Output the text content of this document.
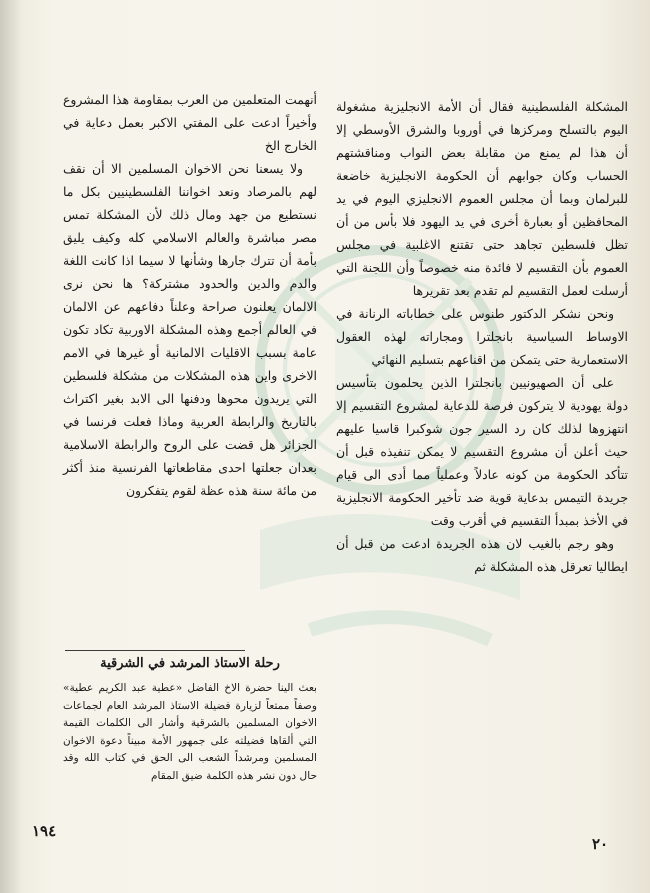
المشكلة الفلسطينية فقال أن الأمة الانجليزية مشغولة اليوم بالتسلح ومركزها في أوروبا والشرق الأوسطي إلا أن هذا لم يمنع من مقابلة بعض النواب ومناقشتهم الحساب وكان جوابهم أن الحكومة الانجليزية خاضعة للبرلمان وبما أن مجلس العموم الانجليزي اليوم في يد المحافظين أو بعبارة أخرى في يد اليهود فلا بأس من أن تظل فلسطين تجاهد حتى تقتنع الاغلبية في مجلس العموم بأن التقسيم لا فائدة منه خصوصاً وأن اللجنة التي أرسلت لعمل التقسيم لم تقدم بعد تقريرها

ونحن نشكر الدكتور طنوس على خطاباته الرنانة في الاوساط السياسية بانجلترا ومجاراته لهذه العقول الاستعمارية حتى يتمكن من اقناعهم بتسليم النهائي

على أن الصهيونيين بانجلترا الذين يحلمون بتأسيس دولة يهودية لا يتركون فرصة للدعاية لمشروع التقسيم إلا انتهزوها لذلك كان رد السير جون شوكبرا قاسيا عليهم حيث أعلن أن مشروع التقسيم لا يمكن تنفيذه قبل أن تتأكد الحكومة من كونه عادلاً وعملياً مما أدى الى قيام جريدة التيمس بدعاية قوية ضد تأخير الحكومة الانجليزية في الأخذ بمبدأ التقسيم في أقرب وقت

وهو رجم بالغيب لان هذه الجريدة ادعت من قبل أن ايطاليا تعرقل هذه المشكلة ثم

أنهمت المتعلمين من العرب بمقاومة هذا المشروع وأخيراً ادعت على المفتي الاكبر بعمل دعاية في الخارج الخ

ولا يسعنا نحن الاخوان المسلمين الا أن نقف لهم بالمرصاد ونعد اخواننا الفلسطينيين بكل ما نستطيع من جهد ومال ذلك لأن المشكلة تمس مصر مباشرة والعالم الاسلامي كله وكيف يليق بأمة أن تترك جارها وشأنها لا سيما اذا كانت اللغة والدم والدين والحدود مشتركة؟ ها نحن نرى الالمان يعلنون صراحة وعلناً دفاعهم عن الالمان في العالم أجمع وهذه المشكلة الاوربية تكاد تكون عامة بسبب الاقليات الالمانية أو غيرها في الامم الاخرى واين هذه المشكلات من مشكلة فلسطين التي يريدون محوها ودفنها الى الابد بغير اكتراث بالتاريخ والرابطة العربية وماذا فعلت فرنسا في الجزائر هل قضت على الروح والرابطة الاسلامية بعدان جعلتها احدى مقاطعاتها الفرنسية منذ أكثر من مائة سنة هذه عظة لقوم يتفكرون

رحلة الاستاذ المرشد في الشرقية

بعث الينا حضرة الاخ الفاضل «عطية عبد الكريم عطية» وصفاً ممتعاً لزيارة فضيلة الاستاذ المرشد العام لجماعات الاخوان المسلمين بالشرقية وأشار الى الكلمات القيمة التي ألقاها فضيلته على جمهور الأمة مبيناً دعوة الاخوان المسلمين ومرشداً الشعب الى الحق في كتاب الله وقد حال دون نشر هذه الكلمة ضيق المقام

١٩٤
٢٠
